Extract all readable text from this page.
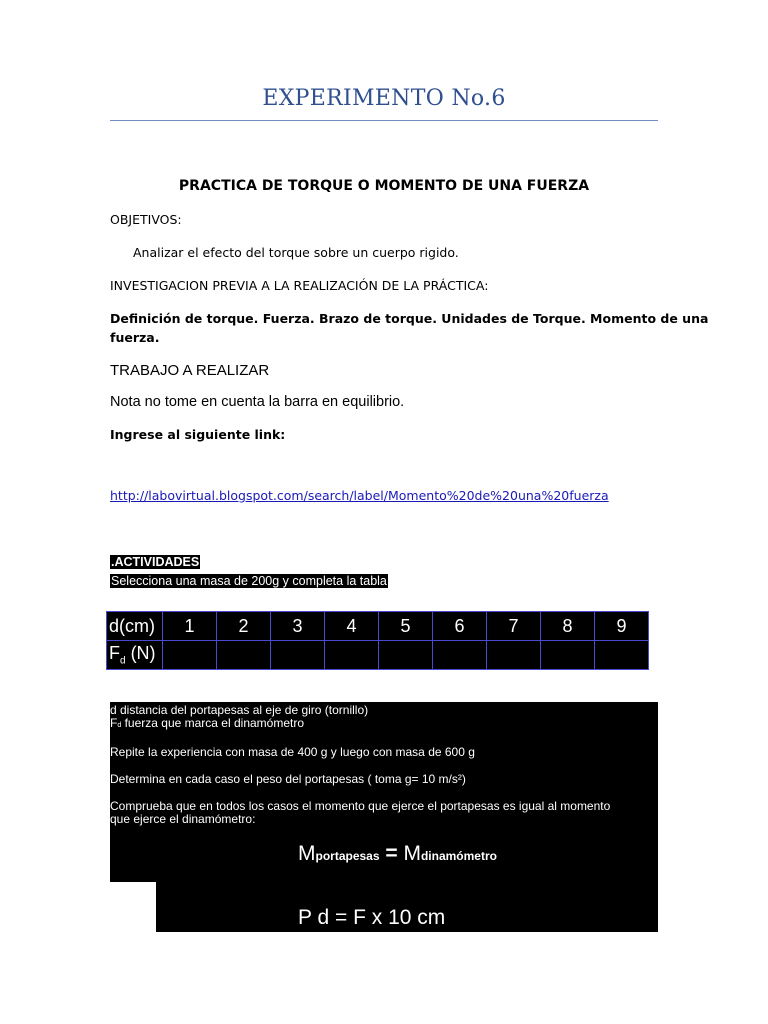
EXPERIMENTO No.6
PRACTICA DE TORQUE O MOMENTO DE UNA FUERZA
OBJETIVOS:
Analizar el efecto del torque sobre un cuerpo rigido.
INVESTIGACION PREVIA A LA REALIZACIÓN DE LA PRÁCTICA:
Definición de torque. Fuerza. Brazo de torque. Unidades de Torque. Momento de una
fuerza.
TRABAJO A REALIZAR
Nota no tome en cuenta la barra en equilibrio.
Ingrese al siguiente link:
http://labovirtual.blogspot.com/search/label/Momento%20de%20una%20fuerza
.ACTIVIDADES
Selecciona una masa de 200g y completa la tabla
d(cm)	1	2	3	4	5	6	7	8	9
$F_d$ (N)									
d distancia del portapesas al eje de giro (tornillo)
Fd fuerza que marca el dinamómetro
Repite la experiencia con masa de 400 g y luego con masa de 600 g
Determina en cada caso el peso del portapesas ( toma g= 10 m/s²)
Comprueba que en todos los casos el momento que ejerce el portapesas es igual al momento
que ejerce el dinamómetro:
Mportapesas = Mdinamómetro
P d = F x 10 cm
